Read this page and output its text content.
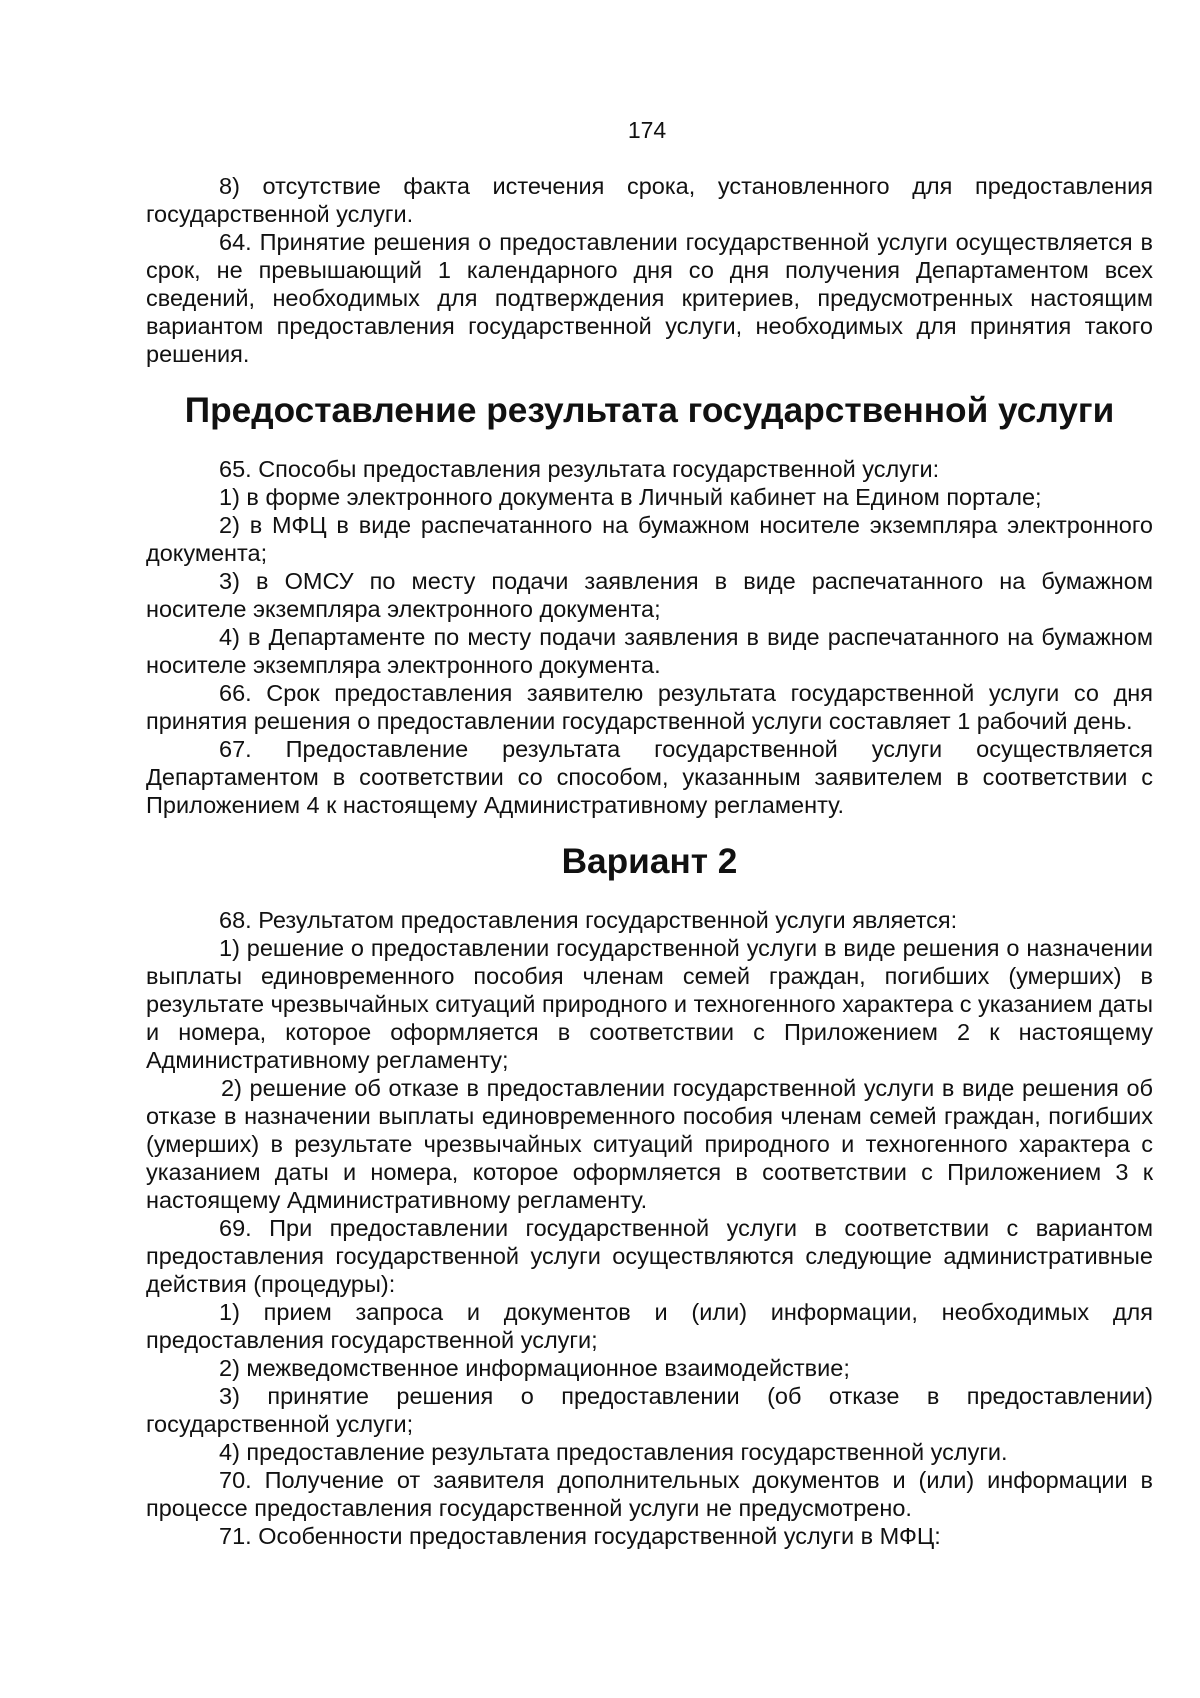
174

8) отсутствие факта истечения срока, установленного для предоставления государственной услуги.

64. Принятие решения о предоставлении государственной услуги осуществляется в срок, не превышающий 1 календарного дня со дня получения Департаментом всех сведений, необходимых для подтверждения критериев, предусмотренных настоящим вариантом предоставления государственной услуги, необходимых для принятия такого решения.

Предоставление результата государственной услуги

65. Способы предоставления результата государственной услуги:

1) в форме электронного документа в Личный кабинет на Едином портале;

2) в МФЦ в виде распечатанного на бумажном носителе экземпляра электронного документа;

3) в ОМСУ по месту подачи заявления в виде распечатанного на бумажном носителе экземпляра электронного документа;

4) в Департаменте по месту подачи заявления в виде распечатанного на бумажном носителе экземпляра электронного документа.

66. Срок предоставления заявителю результата государственной услуги со дня принятия решения о предоставлении государственной услуги составляет 1 рабочий день.

67. Предоставление результата государственной услуги осуществляется Департаментом в соответствии со способом, указанным заявителем в соответствии с Приложением 4 к настоящему Административному регламенту.

Вариант 2

68. Результатом предоставления государственной услуги является:

1) решение о предоставлении государственной услуги в виде решения о назначении выплаты единовременного пособия членам семей граждан, погибших (умерших) в результате чрезвычайных ситуаций природного и техногенного характера с указанием даты и номера, которое оформляется в соответствии с Приложением 2 к настоящему Административному регламенту;

2) решение об отказе в предоставлении государственной услуги в виде решения об отказе в назначении выплаты единовременного пособия членам семей граждан, погибших (умерших) в результате чрезвычайных ситуаций природного и техногенного характера с указанием даты и номера, которое оформляется в соответствии с Приложением 3 к настоящему Административному регламенту.

69. При предоставлении государственной услуги в соответствии с вариантом предоставления государственной услуги осуществляются следующие административные действия (процедуры):

1) прием запроса и документов и (или) информации, необходимых для предоставления государственной услуги;

2) межведомственное информационное взаимодействие;

3) принятие решения о предоставлении (об отказе в предоставлении) государственной услуги;

4) предоставление результата предоставления государственной услуги.

70. Получение от заявителя дополнительных документов и (или) информации в процессе предоставления государственной услуги не предусмотрено.

71. Особенности предоставления государственной услуги в МФЦ:
